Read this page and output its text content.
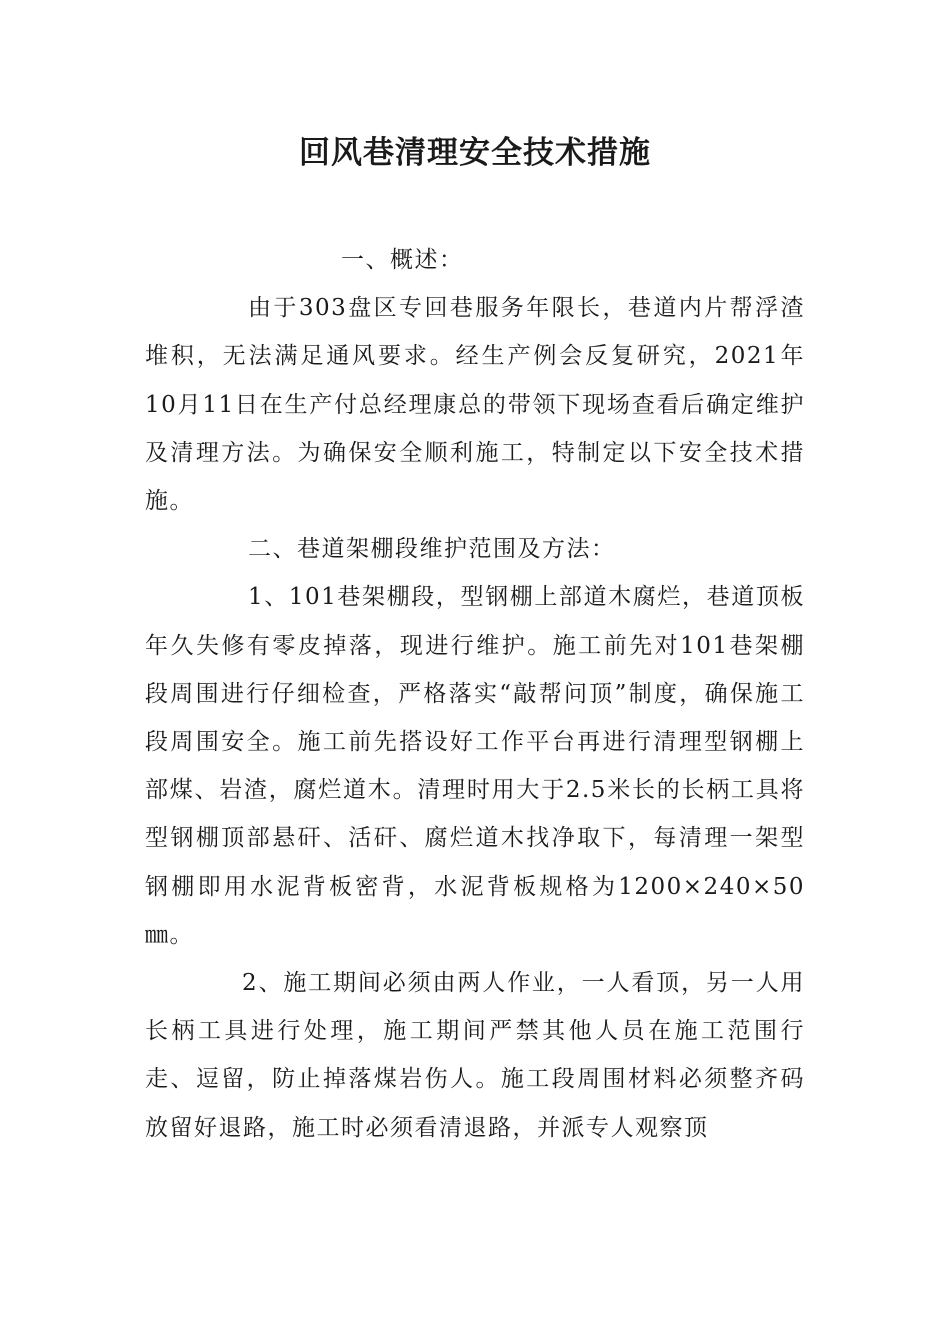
回风巷清理安全技术措施

一、概述：

由于303盘区专回巷服务年限长，巷道内片帮浮渣堆积，无法满足通风要求。经生产例会反复研究，2021年10月11日在生产付总经理康总的带领下现场查看后确定维护及清理方法。为确保安全顺利施工，特制定以下安全技术措施。

二、巷道架棚段维护范围及方法：

1、101巷架棚段，型钢棚上部道木腐烂，巷道顶板年久失修有零皮掉落，现进行维护。施工前先对101巷架棚段周围进行仔细检查，严格落实“敲帮问顶”制度，确保施工段周围安全。施工前先搭设好工作平台再进行清理型钢棚上部煤、岩渣，腐烂道木。清理时用大于2.5米长的长柄工具将型钢棚顶部悬矸、活矸、腐烂道木找净取下，每清理一架型钢棚即用水泥背板密背，水泥背板规格为1200×240×50㎜。

2、施工期间必须由两人作业，一人看顶，另一人用长柄工具进行处理，施工期间严禁其他人员在施工范围行走、逗留，防止掉落煤岩伤人。施工段周围材料必须整齐码放留好退路，施工时必须看清退路，并派专人观察顶
